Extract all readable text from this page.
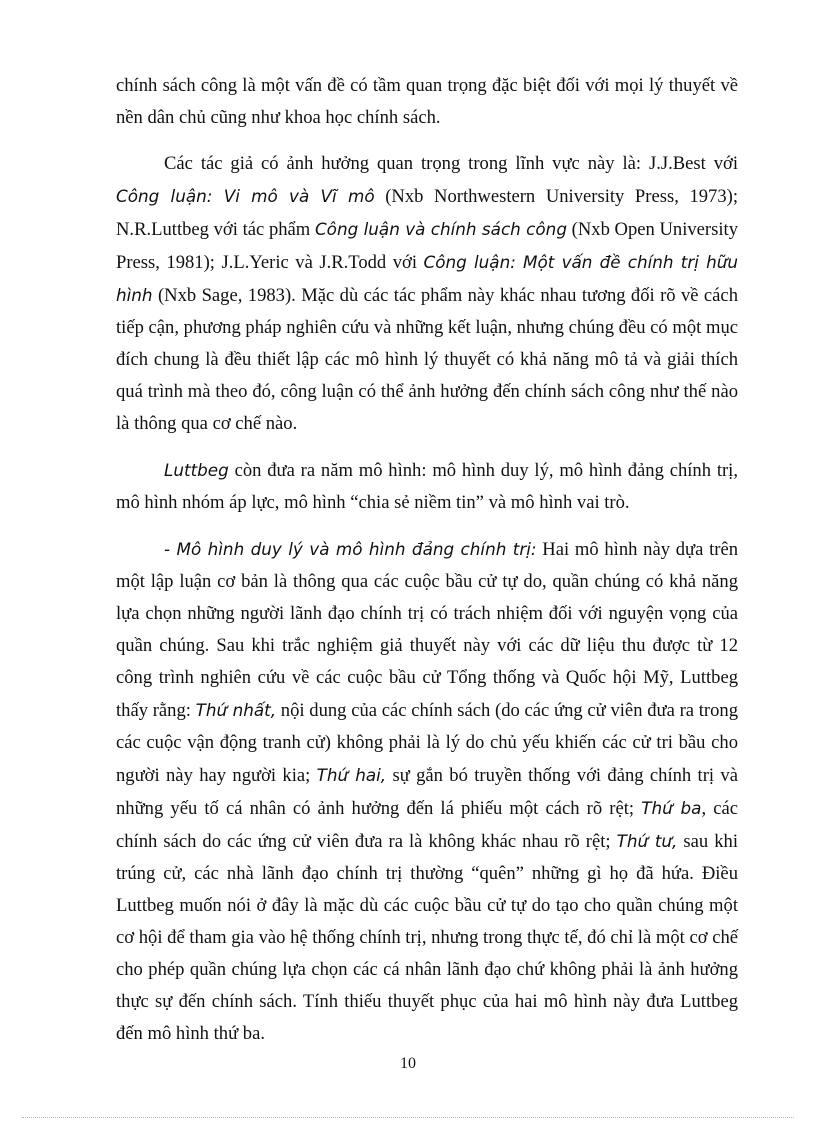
chính sách công là một vấn đề có tầm quan trọng đặc biệt đối với mọi lý thuyết về nền dân chủ cũng như khoa học chính sách.

Các tác giả có ảnh hưởng quan trọng trong lĩnh vực này là: J.J.Best với Công luận: Vi mô và Vĩ mô (Nxb Northwestern University Press, 1973); N.R.Luttbeg với tác phẩm Công luận và chính sách công (Nxb Open University Press, 1981); J.L.Yeric và J.R.Todd với Công luận: Một vấn đề chính trị hữu hình (Nxb Sage, 1983). Mặc dù các tác phẩm này khác nhau tương đối rõ về cách tiếp cận, phương pháp nghiên cứu và những kết luận, nhưng chúng đều có một mục đích chung là đều thiết lập các mô hình lý thuyết có khả năng mô tả và giải thích quá trình mà theo đó, công luận có thể ảnh hưởng đến chính sách công như thế nào là thông qua cơ chế nào.

Luttbeg còn đưa ra năm mô hình: mô hình duy lý, mô hình đảng chính trị, mô hình nhóm áp lực, mô hình “chia sẻ niềm tin” và mô hình vai trò.

- Mô hình duy lý và mô hình đảng chính trị: Hai mô hình này dựa trên một lập luận cơ bản là thông qua các cuộc bầu cử tự do, quần chúng có khả năng lựa chọn những người lãnh đạo chính trị có trách nhiệm đối với nguyện vọng của quần chúng. Sau khi trắc nghiệm giả thuyết này với các dữ liệu thu được từ 12 công trình nghiên cứu về các cuộc bầu cử Tổng thống và Quốc hội Mỹ, Luttbeg thấy rằng: Thứ nhất, nội dung của các chính sách (do các ứng cử viên đưa ra trong các cuộc vận động tranh cử) không phải là lý do chủ yếu khiến các cử tri bầu cho người này hay người kia; Thứ hai, sự gắn bó truyền thống với đảng chính trị và những yếu tố cá nhân có ảnh hưởng đến lá phiếu một cách rõ rệt; Thứ ba, các chính sách do các ứng cử viên đưa ra là không khác nhau rõ rệt; Thứ tư, sau khi trúng cử, các nhà lãnh đạo chính trị thường “quên” những gì họ đã hứa. Điều Luttbeg muốn nói ở đây là mặc dù các cuộc bầu cử tự do tạo cho quần chúng một cơ hội để tham gia vào hệ thống chính trị, nhưng trong thực tế, đó chỉ là một cơ chế cho phép quần chúng lựa chọn các cá nhân lãnh đạo chứ không phải là ảnh hưởng thực sự đến chính sách. Tính thiếu thuyết phục của hai mô hình này đưa Luttbeg đến mô hình thứ ba.

10
